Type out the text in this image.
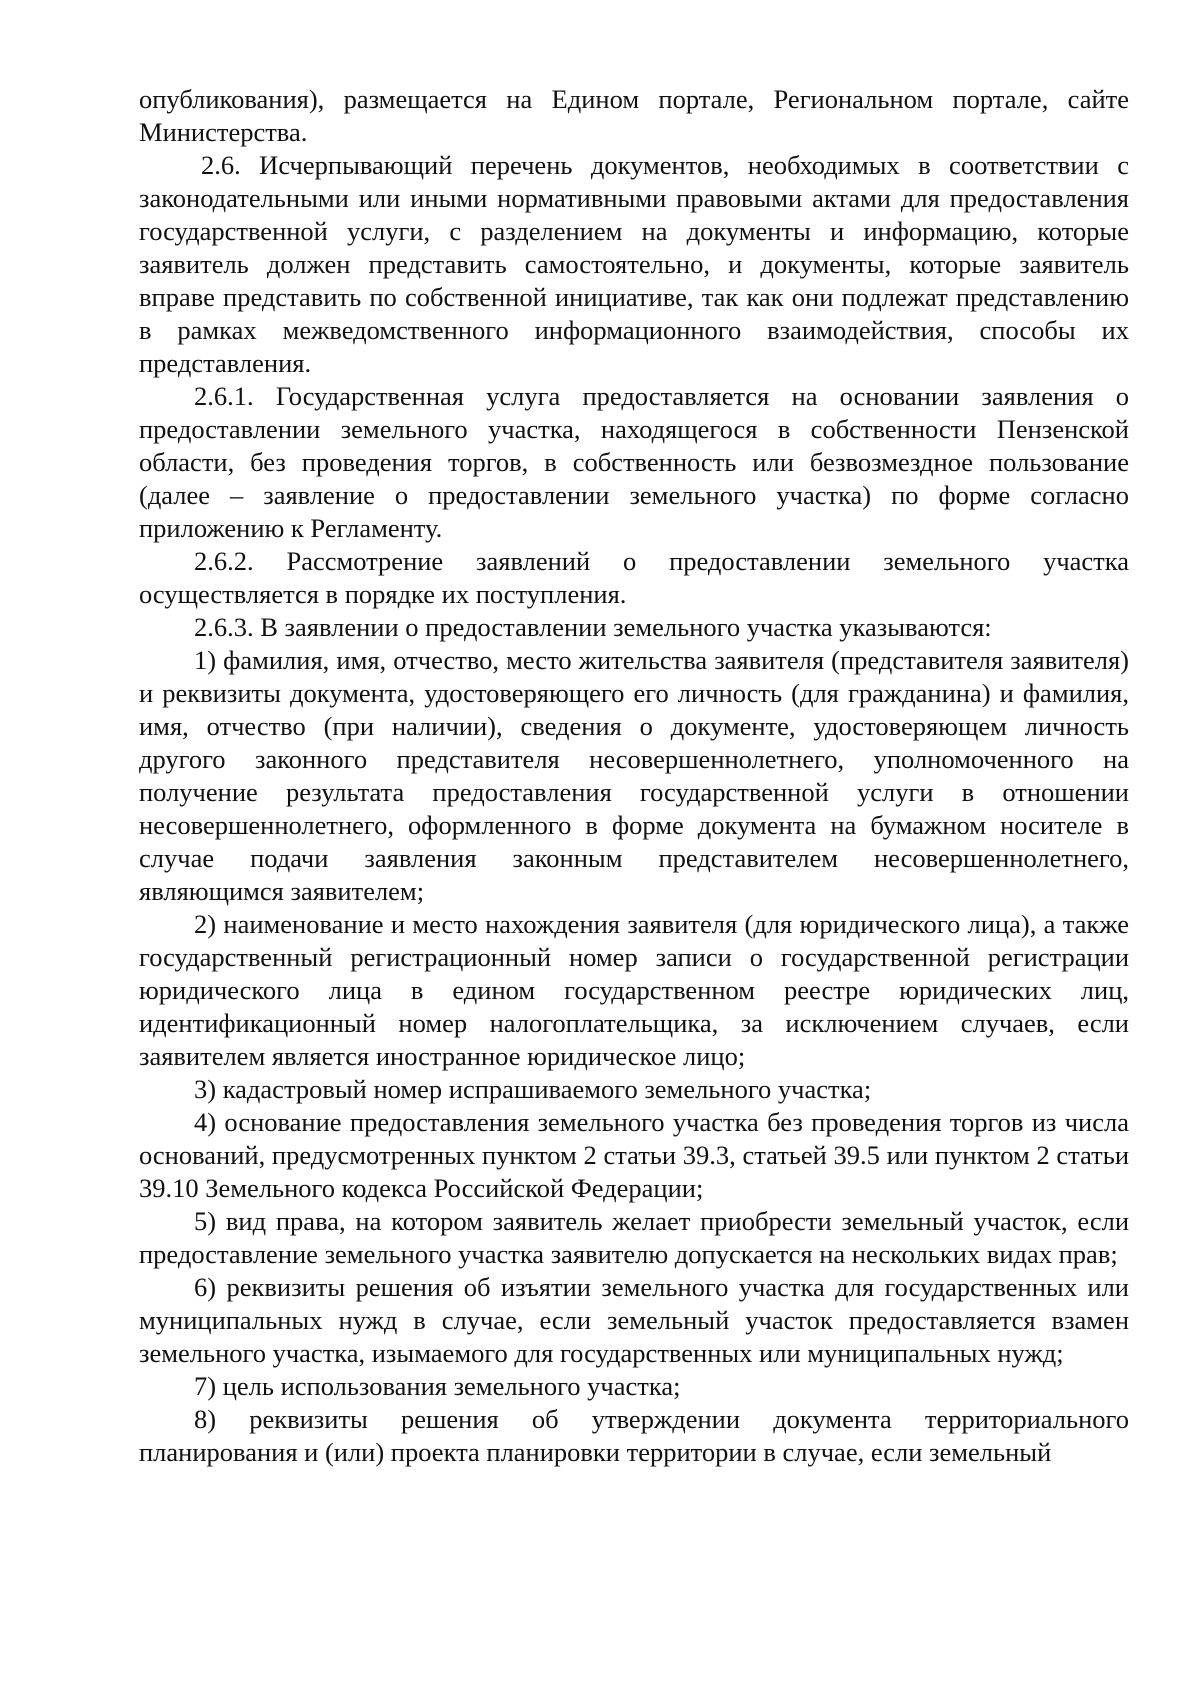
опубликования), размещается на Едином портале, Региональном портале, сайте Министерства.

2.6. Исчерпывающий перечень документов, необходимых в соответствии с законодательными или иными нормативными правовыми актами для предоставления государственной услуги, с разделением на документы и информацию, которые заявитель должен представить самостоятельно, и документы, которые заявитель вправе представить по собственной инициативе, так как они подлежат представлению в рамках межведомственного информационного взаимодействия, способы их представления.

2.6.1. Государственная услуга предоставляется на основании заявления о предоставлении земельного участка, находящегося в собственности Пензенской области, без проведения торгов, в собственность или безвозмездное пользование (далее – заявление о предоставлении земельного участка) по форме согласно приложению к Регламенту.

2.6.2. Рассмотрение заявлений о предоставлении земельного участка осуществляется в порядке их поступления.

2.6.3. В заявлении о предоставлении земельного участка указываются:

1) фамилия, имя, отчество, место жительства заявителя (представителя заявителя) и реквизиты документа, удостоверяющего его личность (для гражданина) и фамилия, имя, отчество (при наличии), сведения о документе, удостоверяющем личность другого законного представителя несовершеннолетнего, уполномоченного на получение результата предоставления государственной услуги в отношении несовершеннолетнего, оформленного в форме документа на бумажном носителе в случае подачи заявления законным представителем несовершеннолетнего, являющимся заявителем;

2) наименование и место нахождения заявителя (для юридического лица), а также государственный регистрационный номер записи о государственной регистрации юридического лица в едином государственном реестре юридических лиц, идентификационный номер налогоплательщика, за исключением случаев, если заявителем является иностранное юридическое лицо;

3) кадастровый номер испрашиваемого земельного участка;

4) основание предоставления земельного участка без проведения торгов из числа оснований, предусмотренных пунктом 2 статьи 39.3, статьей 39.5 или пунктом 2 статьи 39.10 Земельного кодекса Российской Федерации;

5) вид права, на котором заявитель желает приобрести земельный участок, если предоставление земельного участка заявителю допускается на нескольких видах прав;

6) реквизиты решения об изъятии земельного участка для государственных или муниципальных нужд в случае, если земельный участок предоставляется взамен земельного участка, изымаемого для государственных или муниципальных нужд;

7) цель использования земельного участка;

8) реквизиты решения об утверждении документа территориального планирования и (или) проекта планировки территории в случае, если земельный
